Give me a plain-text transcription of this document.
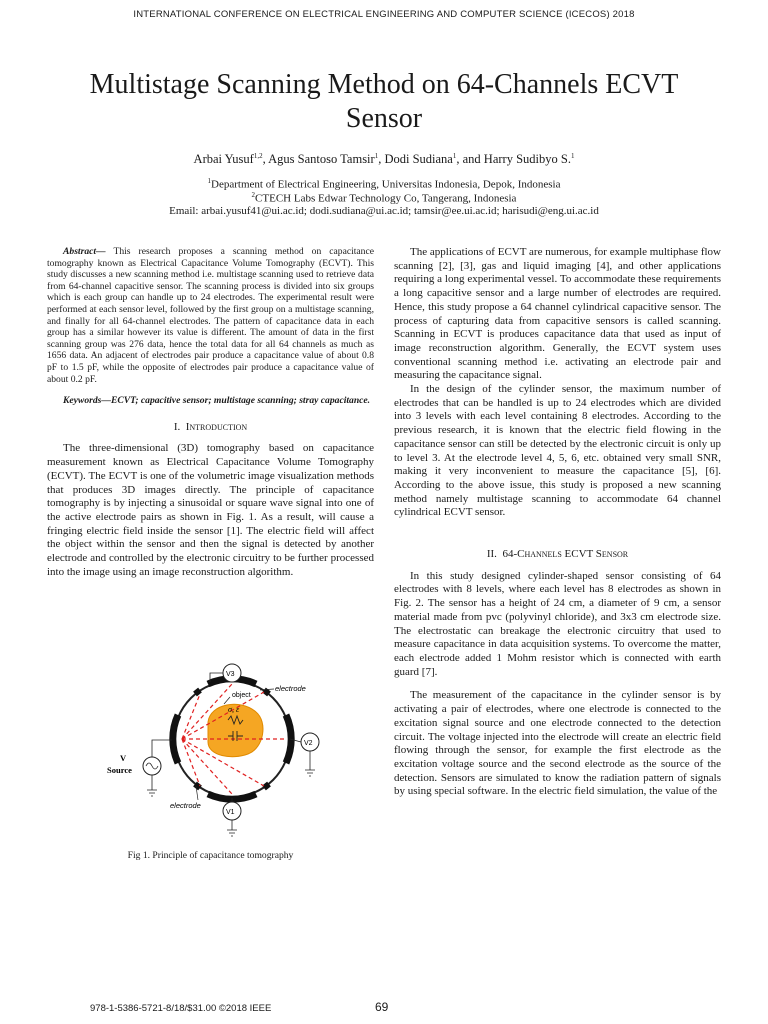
INTERNATIONAL CONFERENCE ON ELECTRICAL ENGINEERING AND COMPUTER SCIENCE (ICECOS) 2018
Multistage Scanning Method on 64-Channels ECVT
Sensor
Arbai Yusuf$^{1,2}$, Agus Santoso Tamsir$^1$, Dodi Sudiana$^1$, and Harry Sudibyo S.$^1$
$^1$Department of Electrical Engineering, Universitas Indonesia, Depok, Indonesia
$^2$CTECH Labs Edwar Technology Co, Tangerang, Indonesia
Email: arbai.yusuf41@ui.ac.id; dodi.sudiana@ui.ac.id; tamsir@ee.ui.ac.id; harisudi@eng.ui.ac.id

Abstract— This research proposes a scanning method on capacitance tomography known as Electrical Capacitance Volume Tomography (ECVT). This study discusses a new scanning method i.e. multistage scanning used to retrieve data from 64-channel capacitive sensor. The scanning process is divided into six groups which is each group can handle up to 24 electrodes. The experimental result were performed at each sensor level, followed by the first group on a multistage scanning, and finally for all 64-channel electrodes. The pattern of capacitance data in each group has a similar however its value is different. The amount of data in the first scanning group was 276 data, hence the total data for all 64 channels as much as 1656 data. An adjacent of electrodes pair produce a capacitance value of about 0.8 pF to 1.5 pF, while the opposite of electrodes pair produce a capacitance value of about 0.2 pF.

Keywords—ECVT; capacitive sensor; multistage scanning; stray capacitance.

I. Introduction

The three-dimensional (3D) tomography based on capacitance measurement known as Electrical Capacitance Volume Tomography (ECVT). The ECVT is one of the volumetric image visualization methods that produces 3D images directly. The principle of capacitance tomography is by injecting a sinusoidal or square wave signal into one of the active electrode pairs as shown in Fig. 1. As a result, will cause a fringing electric field inside the sensor [1]. The electric field will affect the object within the sensor and then the signal is detected by another electrode and controlled by the electronic circuitry to be further processed into the image using an image reconstruction algorithm.

σ, ε
object
V3
electrode
V2
V1
electrode
V
Source
Fig 1. Principle of capacitance tomography

The applications of ECVT are numerous, for example multiphase flow scanning [2], [3], gas and liquid imaging [4], and other applications requiring a long experimental vessel. To accommodate these requirements a long capacitive sensor and a large number of electrodes are required. Hence, this study propose a 64 channel cylindrical capacitive sensor. The process of capturing data from capacitive sensors is called scanning. Scanning in ECVT is produces capacitance data that used as input of image reconstruction algorithm. Generally, the ECVT system uses conventional scanning method i.e. activating an electrode pair and measuring the capacitance signal.

In the design of the cylinder sensor, the maximum number of electrodes that can be handled is up to 24 electrodes which are divided into 3 levels with each level containing 8 electrodes. According to the previous research, it is known that the electric field flowing in the capacitance sensor can still be detected by the electronic circuit is only up to level 3. At the electrode level 4, 5, 6, etc. obtained very small SNR, making it very inconvenient to measure the capacitance [5], [6]. According to the above issue, this study is proposed a new scanning method namely multistage scanning to accommodate 64 channel cylindrical ECVT sensor.

II. 64-Channels ECVT Sensor

In this study designed cylinder-shaped sensor consisting of 64 electrodes with 8 levels, where each level has 8 electrodes as shown in Fig. 2. The sensor has a height of 24 cm, a diameter of 9 cm, a sensor material made from pvc (polyvinyl chloride), and 3x3 cm electrode size. The electrostatic can breakage the electronic circuitry that used to measure capacitance in data acquisition systems. To overcome the matter, each electrode added 1 Mohm resistor which is connected with earth guard [7].

The measurement of the capacitance in the cylinder sensor is by activating a pair of electrodes, where one electrode is connected to the excitation signal source and one electrode connected to the detection circuit. The voltage injected into the electrode will create an electric field flowing through the sensor, for example the first electrode as the excitation voltage source and the second electrode as the source of the detection. Sensors are simulated to know the radiation pattern of signals by using special software. In the electric field simulation, the value of the

978-1-5386-5721-8/18/$31.00 ©2018 IEEE	69
